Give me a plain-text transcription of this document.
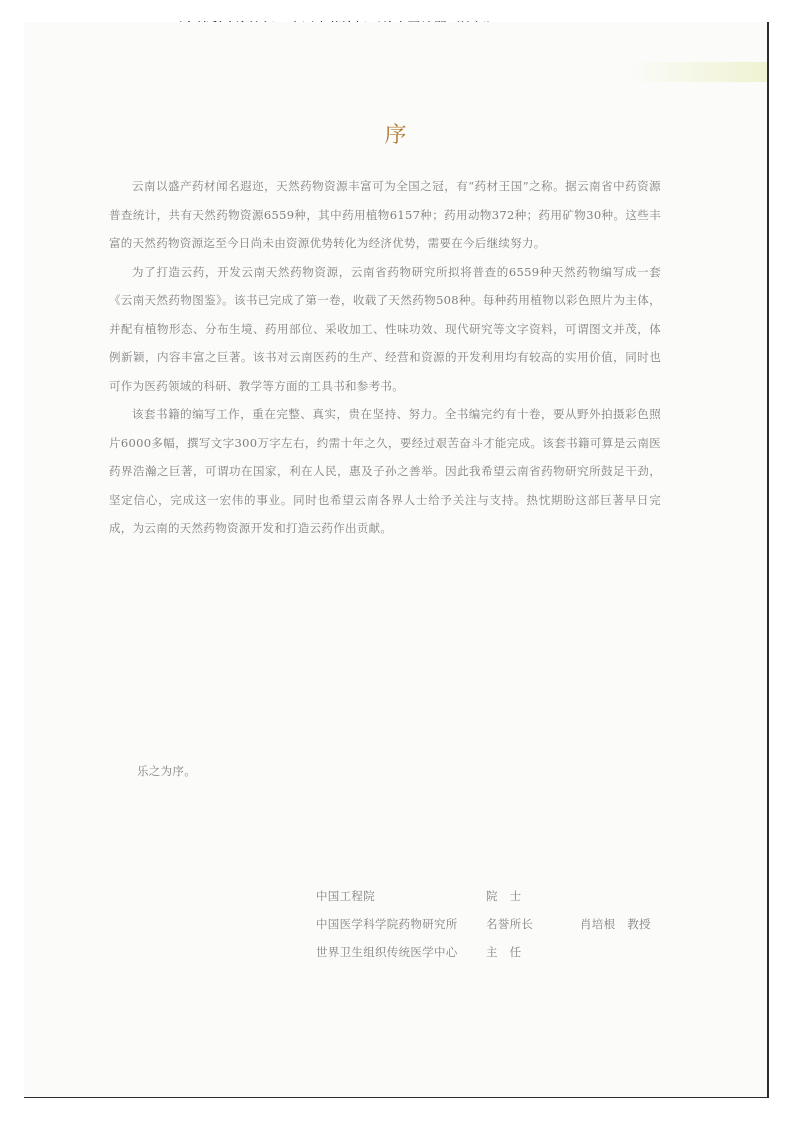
序

云南以盛产药材闻名遐迩，天然药物资源丰富可为全国之冠，有“药材王国”之称。据云南省中药资源普查统计，共有天然药物资源6559种，其中药用植物6157种；药用动物372种；药用矿物30种。这些丰富的天然药物资源迄至今日尚未由资源优势转化为经济优势，需要在今后继续努力。

为了打造云药，开发云南天然药物资源，云南省药物研究所拟将普查的6559种天然药物编写成一套《云南天然药物图鉴》。该书已完成了第一卷，收载了天然药物508种。每种药用植物以彩色照片为主体，并配有植物形态、分布生境、药用部位、采收加工、性味功效、现代研究等文字资料，可谓图文并茂，体例新颖，内容丰富之巨著。该书对云南医药的生产、经营和资源的开发利用均有较高的实用价值，同时也可作为医药领域的科研、教学等方面的工具书和参考书。

该套书籍的编写工作，重在完整、真实，贵在坚持、努力。全书编完约有十卷，要从野外拍摄彩色照片6000多幅，撰写文字300万字左右，约需十年之久，要经过艰苦奋斗才能完成。该套书籍可算是云南医药界浩瀚之巨著，可谓功在国家，利在人民，惠及子孙之善举。因此我希望云南省药物研究所鼓足干劲，坚定信心，完成这一宏伟的事业。同时也希望云南各界人士给予关注与支持。热忱期盼这部巨著早日完成，为云南的天然药物资源开发和打造云药作出贡献。

乐之为序。
中国工程院	院　士
中国医学科学院药物研究所 名誉所长	肖培根　教授
世界卫生组织传统医学中心 主　任
